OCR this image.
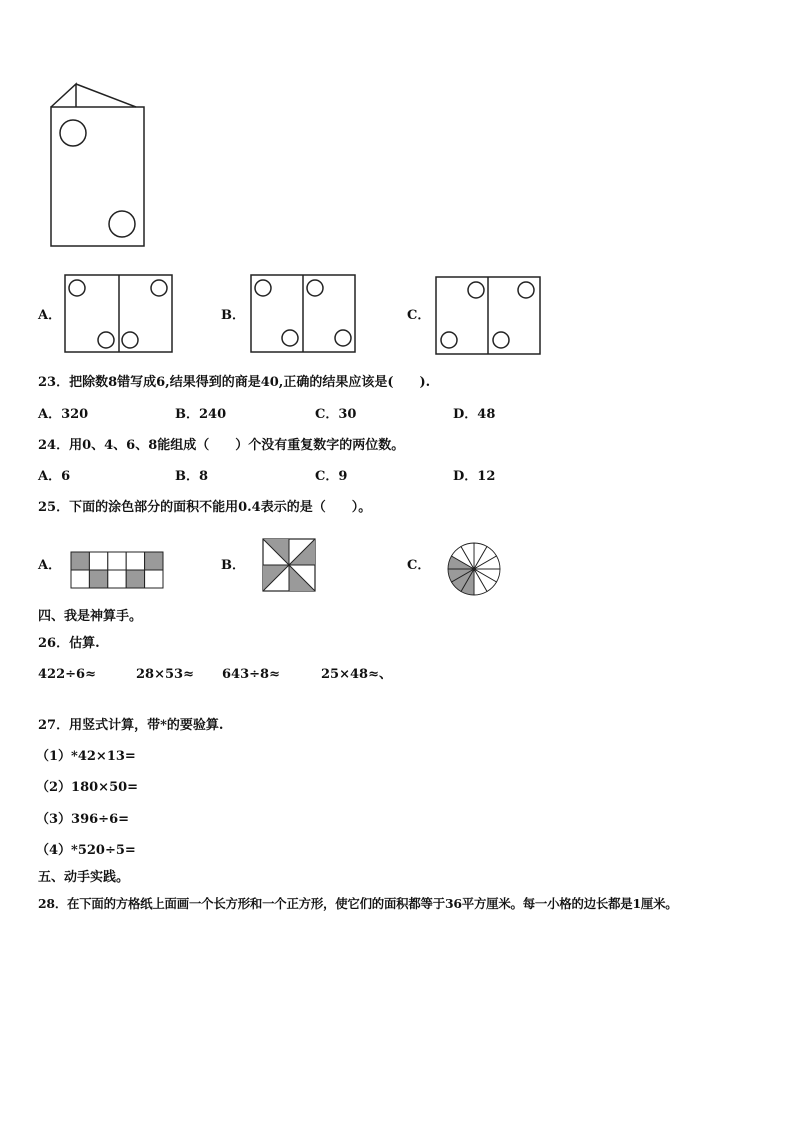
A．	B．	C．
23．把除数8错写成6,结果得到的商是40,正确的结果应该是(　　).
A．320	B．240	C．30	D．48
24．用0、4、6、8能组成（　　）个没有重复数字的两位数。
A．6	B．8	C．9	D．12
25．下面的涂色部分的面积不能用0.4表示的是（　　）。
A．	B．	C．
四、我是神算手。
26．估算.
422÷6≈	28×53≈ 643÷8≈	25×48≈、
27．用竖式计算，带*的要验算.
（1）*42×13=
（2）180×50=
（3）396÷6=
（4）*520÷5=
五、动手实践。
28．在下面的方格纸上面画一个长方形和一个正方形，使它们的面积都等于36平方厘米。每一小格的边长都是1厘米。
